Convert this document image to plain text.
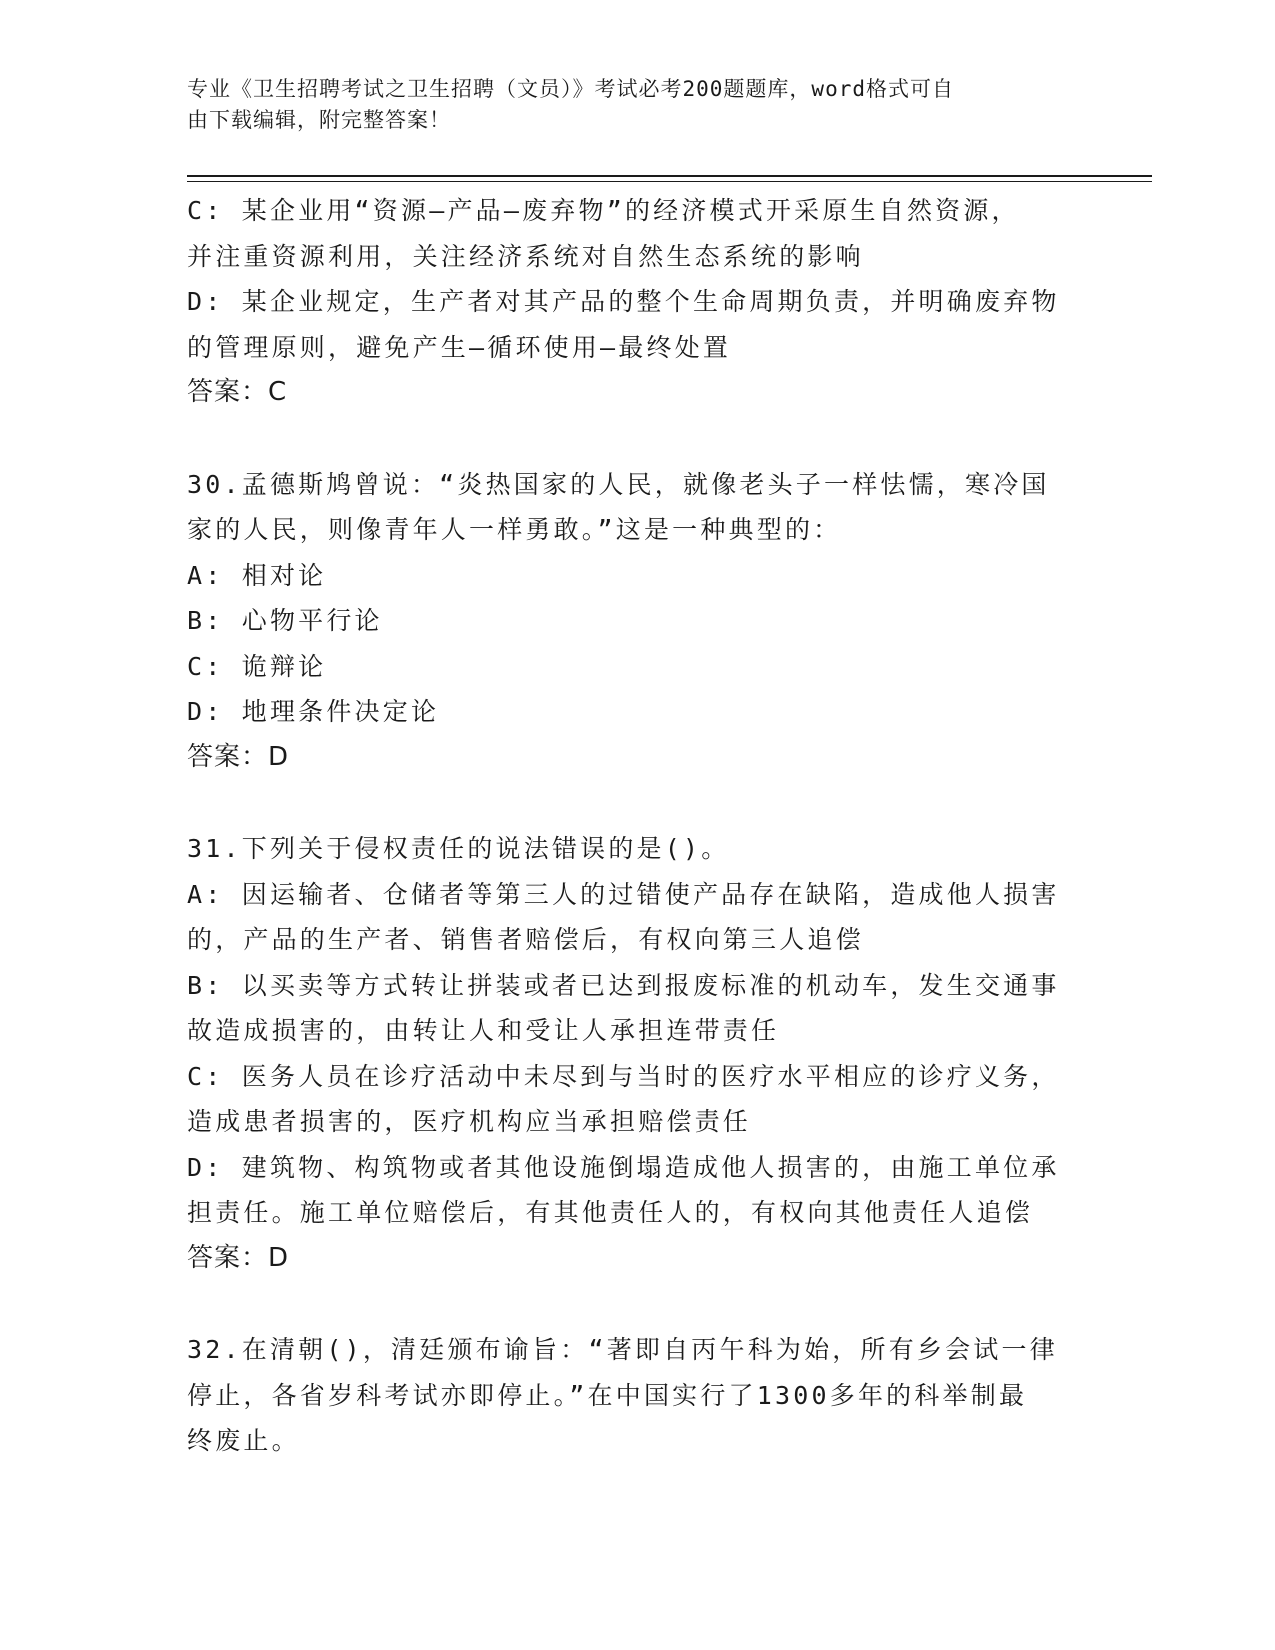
专业《卫生招聘考试之卫生招聘（文员）》考试必考200题题库，word格式可自
由下载编辑，附完整答案！
C: 某企业用“资源—产品—废弃物”的经济模式开采原生自然资源，
并注重资源利用，关注经济系统对自然生态系统的影响
D: 某企业规定，生产者对其产品的整个生命周期负责，并明确废弃物
的管理原则，避免产生—循环使用—最终处置
答案：C
30.孟德斯鸠曾说：“炎热国家的人民，就像老头子一样怯懦，寒冷国
家的人民，则像青年人一样勇敢。”这是一种典型的：
A: 相对论
B: 心物平行论
C: 诡辩论
D: 地理条件决定论
答案：D
31.下列关于侵权责任的说法错误的是()。
A: 因运输者、仓储者等第三人的过错使产品存在缺陷，造成他人损害
的，产品的生产者、销售者赔偿后，有权向第三人追偿
B: 以买卖等方式转让拼装或者已达到报废标准的机动车，发生交通事
故造成损害的，由转让人和受让人承担连带责任
C: 医务人员在诊疗活动中未尽到与当时的医疗水平相应的诊疗义务，
造成患者损害的，医疗机构应当承担赔偿责任
D: 建筑物、构筑物或者其他设施倒塌造成他人损害的，由施工单位承
担责任。施工单位赔偿后，有其他责任人的，有权向其他责任人追偿
答案：D
32.在清朝()，清廷颁布谕旨：“著即自丙午科为始，所有乡会试一律
停止，各省岁科考试亦即停止。”在中国实行了1300多年的科举制最
终废止。
